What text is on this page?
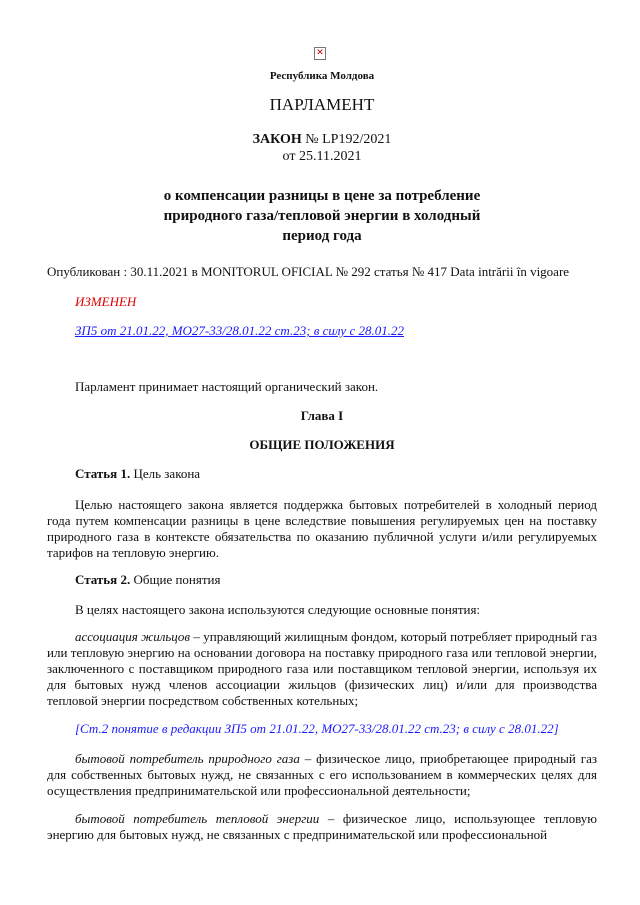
✕
Республика Молдова
ПАРЛАМЕНТ
ЗАКОН № LP192/2021
от 25.11.2021
о компенсации разницы в цене за потребление
природного газа/тепловой энергии в холодный
период года
Опубликован : 30.11.2021 в MONITORUL OFICIAL № 292 статья № 417 Data intrării în vigoare
ИЗМЕНЕН
ЗП5 от 21.01.22, МО27-33/28.01.22 ст.23; в силу с 28.01.22
Парламент принимает настоящий органический закон.
Глава I
ОБЩИЕ ПОЛОЖЕНИЯ
Статья 1. Цель закона
Целью настоящего закона является поддержка бытовых потребителей в холодный период года путем компенсации разницы в цене вследствие повышения регулируемых цен на поставку природного газа в контексте обязательства по оказанию публичной услуги и/или регулируемых тарифов на тепловую энергию.
Статья 2. Общие понятия
В целях настоящего закона используются следующие основные понятия:
ассоциация жильцов – управляющий жилищным фондом, который потребляет природный газ или тепловую энергию на основании договора на поставку природного газа или тепловой энергии, заключенного с поставщиком природного газа или поставщиком тепловой энергии, используя их для бытовых нужд членов ассоциации жильцов (физических лиц) и/или для производства тепловой энергии посредством собственных котельных;
[Ст.2 понятие в редакции ЗП5 от 21.01.22, МО27-33/28.01.22 ст.23; в силу с 28.01.22]
бытовой потребитель природного газа – физическое лицо, приобретающее природный газ для собственных бытовых нужд, не связанных с его использованием в коммерческих целях для осуществления предпринимательской или профессиональной деятельности;
бытовой потребитель тепловой энергии – физическое лицо, использующее тепловую энергию для бытовых нужд, не связанных с предпринимательской или профессиональной
